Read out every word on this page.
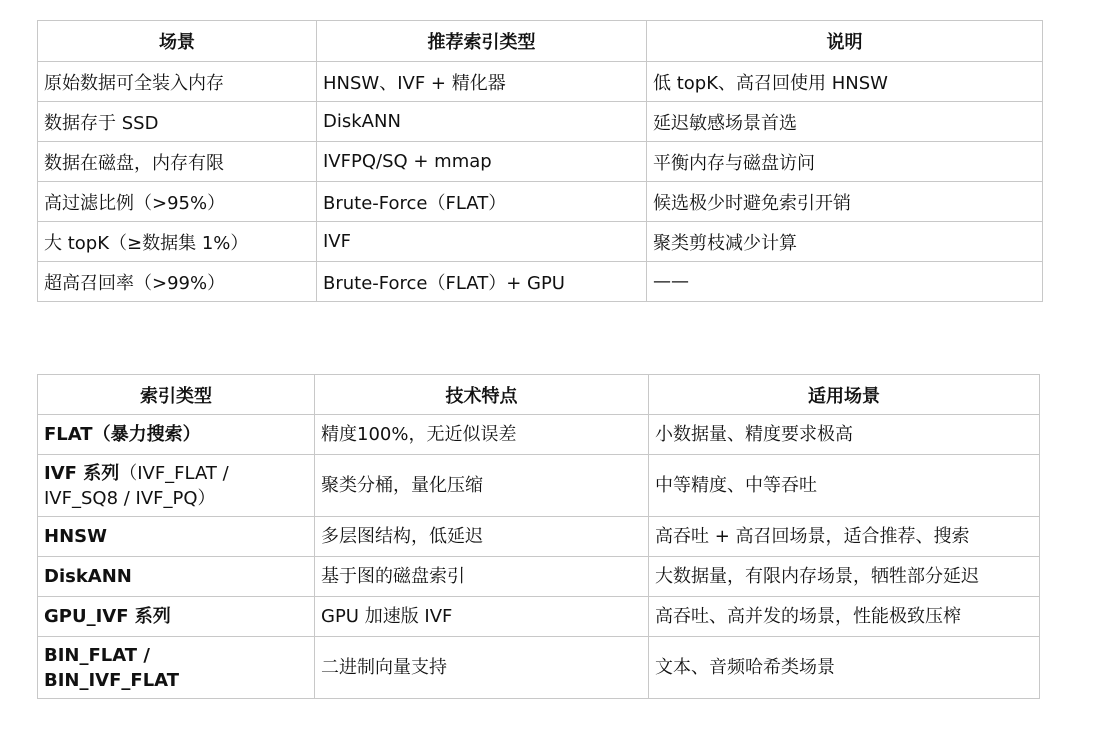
场景	推荐索引类型	说明
原始数据可全装入内存	HNSW、IVF + 精化器	低 topK、高召回使用 HNSW
数据存于 SSD	DiskANN	延迟敏感场景首选
数据在磁盘，内存有限	IVFPQ/SQ + mmap	平衡内存与磁盘访问
高过滤比例（>95%）	Brute-Force（FLAT）	候选极少时避免索引开销
大 topK（≥数据集 1%）	IVF	聚类剪枝减少计算
超高召回率（>99%）	Brute-Force（FLAT）+ GPU	——
索引类型	技术特点	适用场景
FLAT（暴力搜索）	精度100%，无近似误差	小数据量、精度要求极高
IVF 系列（IVF_FLAT /
IVF_SQ8 / IVF_PQ）	聚类分桶，量化压缩	中等精度、中等吞吐
HNSW	多层图结构，低延迟	高吞吐 + 高召回场景，适合推荐、搜索
DiskANN	基于图的磁盘索引	大数据量，有限内存场景，牺牲部分延迟
GPU_IVF 系列	GPU 加速版 IVF	高吞吐、高并发的场景，性能极致压榨
BIN_FLAT /
BIN_IVF_FLAT	二进制向量支持	文本、音频哈希类场景
